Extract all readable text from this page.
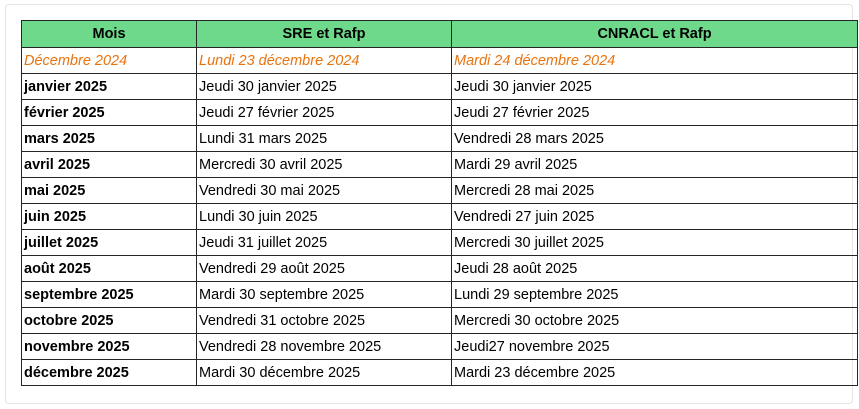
Mois	SRE et Rafp	CNRACL et Rafp
Décembre 2024	Lundi 23 décembre 2024	Mardi 24 décembre 2024
janvier 2025	Jeudi 30 janvier 2025	Jeudi 30 janvier 2025
février 2025	Jeudi 27 février 2025	Jeudi 27 février 2025
mars 2025	Lundi 31 mars 2025	Vendredi 28 mars 2025
avril 2025	Mercredi 30 avril 2025	Mardi 29 avril 2025
mai 2025	Vendredi 30 mai 2025	Mercredi 28 mai 2025
juin 2025	Lundi 30 juin 2025	Vendredi 27 juin 2025
juillet 2025	Jeudi 31 juillet 2025	Mercredi 30 juillet 2025
août 2025	Vendredi 29 août 2025	Jeudi 28 août 2025
septembre 2025	Mardi 30 septembre 2025	Lundi 29 septembre 2025
octobre 2025	Vendredi 31 octobre 2025	Mercredi 30 octobre 2025
novembre 2025	Vendredi 28 novembre 2025	Jeudi27 novembre 2025
décembre 2025	Mardi 30 décembre 2025	Mardi 23 décembre 2025
